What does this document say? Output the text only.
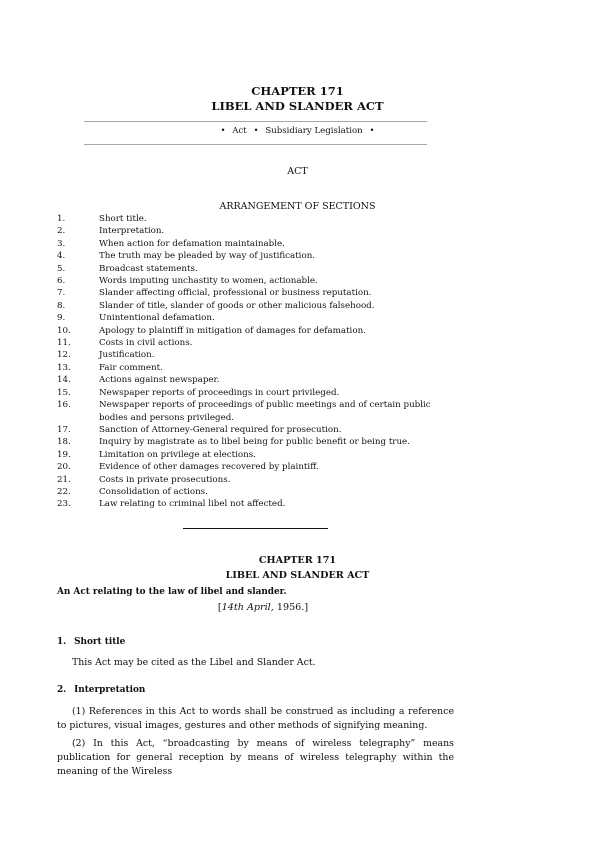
CHAPTER 171
LIBEL AND SLANDER ACT
• Act • Subsidiary Legislation •
ACT
ARRANGEMENT OF SECTIONS
1.	Short title.
2.	Interpretation.
3.	When action for defamation maintainable.
4.	The truth may be pleaded by way of justification.
5.	Broadcast statements.
6.	Words imputing unchastity to women, actionable.
7.	Slander affecting official, professional or business reputation.
8.	Slander of title, slander of goods or other malicious falsehood.
9.	Unintentional defamation.
10.	Apology to plaintiff in mitigation of damages for defamation.
11.	Costs in civil actions.
12.	Justification.
13.	Fair comment.
14.	Actions against newspaper.
15.	Newspaper reports of proceedings in court privileged.
16.	Newspaper reports of proceedings of public meetings and of certain public
bodies and persons privileged.
17.	Sanction of Attorney-General required for prosecution.
18.	Inquiry by magistrate as to libel being for public benefit or being true.
19.	Limitation on privilege at elections.
20.	Evidence of other damages recovered by plaintiff.
21.	Costs in private prosecutions.
22.	Consolidation of actions.
23.	Law relating to criminal libel not affected.
CHAPTER 171
LIBEL AND SLANDER ACT
An Act relating to the law of libel and slander.
[14th April, 1956.]
1. Short title
This Act may be cited as the Libel and Slander Act.
2. Interpretation
(1) References in this Act to words shall be construed as including a reference to pictures, visual images, gestures and other methods of signifying meaning.
(2) In this Act, “broadcasting by means of wireless telegraphy” means publication for general reception by means of wireless telegraphy within the meaning of the Wireless
